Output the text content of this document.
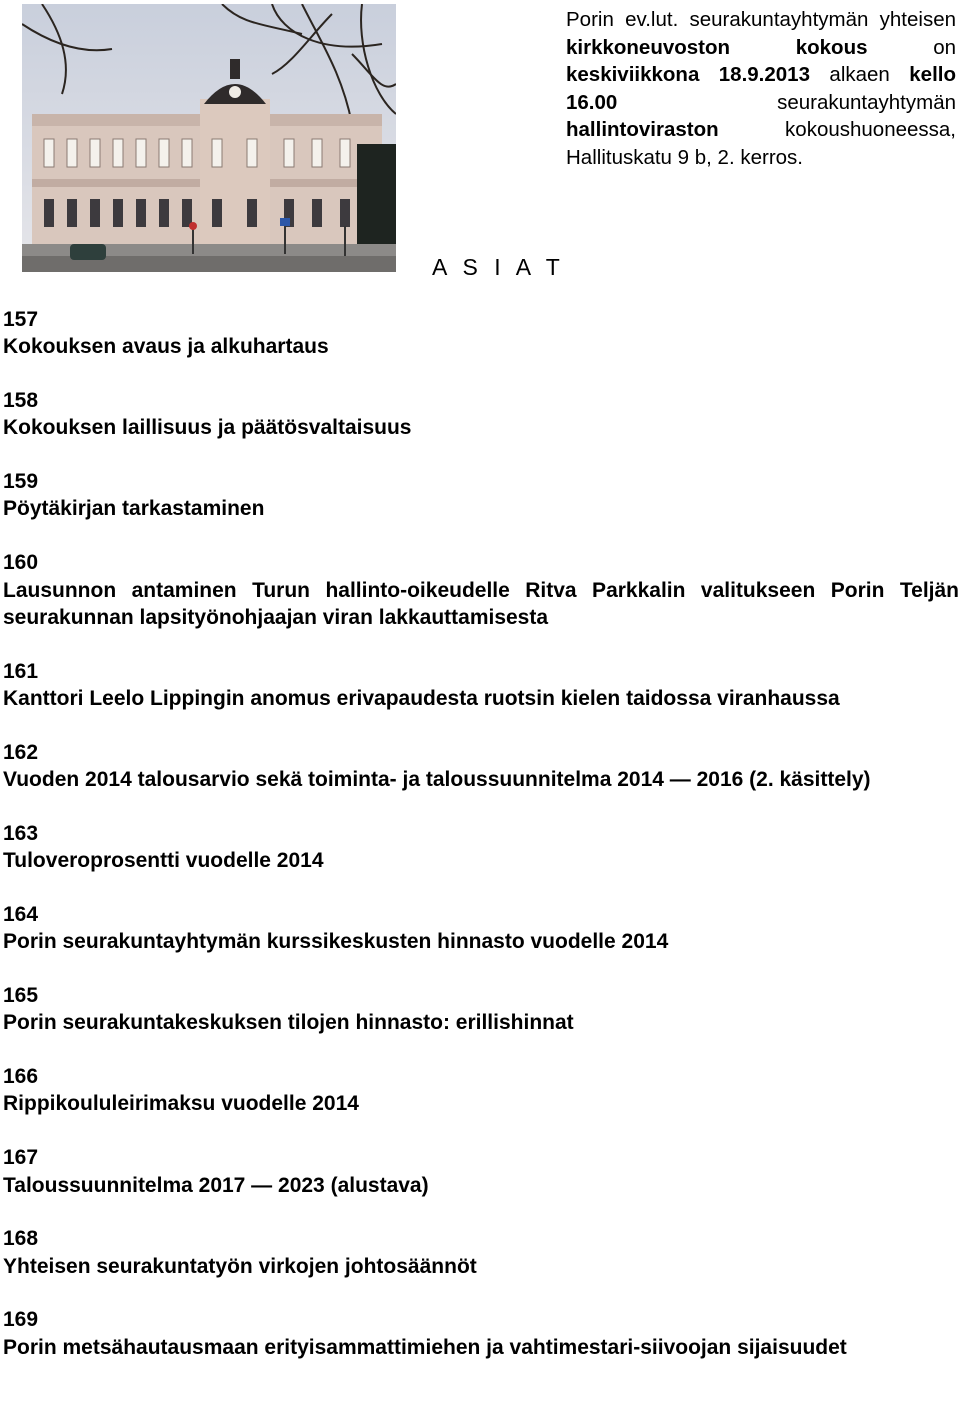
Porin ev.lut. seurakuntayhtymän yhteisen kirkkoneuvoston kokous on keskiviikkona 18.9.2013 alkaen kello 16.00 seurakuntayhtymän hallintoviraston kokoushuoneessa, Hallituskatu 9 b, 2. kerros.
A S I A T
157
Kokouksen avaus ja alkuhartaus
158
Kokouksen laillisuus ja päätösvaltaisuus
159
Pöytäkirjan tarkastaminen
160
Lausunnon antaminen Turun hallinto-oikeudelle Ritva Parkkalin valitukseen Porin Teljän seurakunnan lapsityönohjaajan viran lakkauttamisesta
161
Kanttori Leelo Lippingin anomus erivapaudesta ruotsin kielen taidossa viranhaussa
162
Vuoden 2014 talousarvio sekä toiminta- ja taloussuunnitelma 2014 — 2016 (2. käsittely)
163
Tuloveroprosentti vuodelle 2014
164
Porin seurakuntayhtymän kurssikeskusten hinnasto vuodelle 2014
165
Porin seurakuntakeskuksen tilojen hinnasto: erillishinnat
166
Rippikoululeirimaksu vuodelle 2014
167
Taloussuunnitelma 2017 — 2023 (alustava)
168
Yhteisen seurakuntatyön virkojen johtosäännöt
169
Porin metsähautausmaan erityisammattimiehen ja vahtimestari-siivoojan sijaisuudet
